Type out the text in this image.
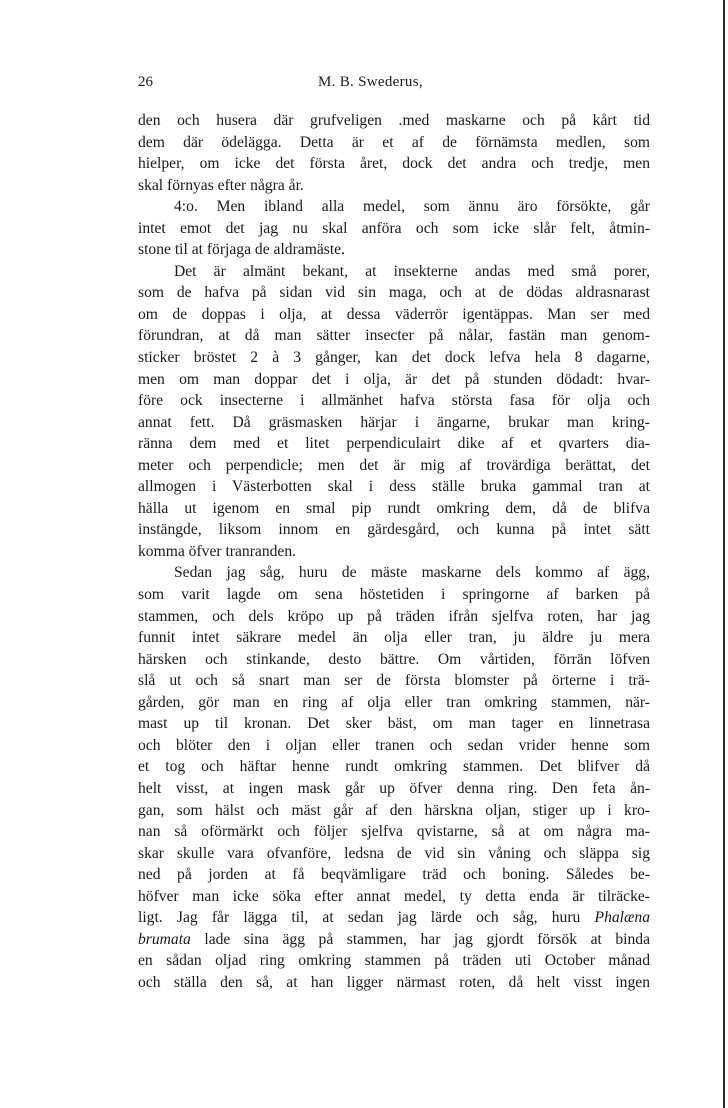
26	M. B. Swederus,
den och husera där grufveligen .med maskarne och på kårt tid
dem där ödelägga. Detta är et af de förnämsta medlen, som
hielper, om icke det första året, dock det andra och tredje, men
skal förnyas efter några år.
4:o. Men ibland alla medel, som ännu äro försökte, går
intet emot det jag nu skal anföra och som icke slår felt, åtmin-
stone til at förjaga de aldramäste.
Det är almänt bekant, at insekterne andas med små porer,
som de hafva på sidan vid sin maga, och at de dödas aldrasnarast
om de doppas i olja, at dessa väderrör igentäppas. Man ser med
förundran, at då man sätter insecter på nålar, fastän man genom-
sticker bröstet 2 à 3 gånger, kan det dock lefva hela 8 dagarne,
men om man doppar det i olja, är det på stunden dödadt: hvar-
före ock insecterne i allmänhet hafva största fasa för olja och
annat fett. Då gräsmasken härjar i ängarne, brukar man kring-
ränna dem med et litet perpendiculairt dike af et qvarters dia-
meter och perpendicle; men det är mig af trovärdiga berättat, det
allmogen i Västerbotten skal i dess ställe bruka gammal tran at
hälla ut igenom en smal pip rundt omkring dem, då de blifva
instängde, liksom innom en gärdesgård, och kunna på intet sätt
komma öfver tranranden.
Sedan jag såg, huru de mäste maskarne dels kommo af ägg,
som varit lagde om sena höstetiden i springorne af barken på
stammen, och dels kröpo up på träden ifrån sjelfva roten, har jag
funnit intet säkrare medel än olja eller tran, ju äldre ju mera
härsken och stinkande, desto bättre. Om vårtiden, förrän löfven
slå ut och så snart man ser de första blomster på örterne i trä-
gården, gör man en ring af olja eller tran omkring stammen, när-
mast up til kronan. Det sker bäst, om man tager en linnetrasa
och blöter den i oljan eller tranen och sedan vrider henne som
et tog och häftar henne rundt omkring stammen. Det blifver då
helt visst, at ingen mask går up öfver denna ring. Den feta ån-
gan, som hälst och mäst går af den härskna oljan, stiger up i kro-
nan så oförmärkt och följer sjelfva qvistarne, så at om några ma-
skar skulle vara ofvanföre, ledsna de vid sin våning och släppa sig
ned på jorden at få beqvämligare träd och boning. Således be-
höfver man icke söka efter annat medel, ty detta enda är tilräcke-
ligt. Jag får lägga til, at sedan jag lärde och såg, huru Phalæna
brumata lade sina ägg på stammen, har jag gjordt försök at binda
en sådan oljad ring omkring stammen på träden uti October månad
och ställa den så, at han ligger närmast roten, då helt visst ingen
